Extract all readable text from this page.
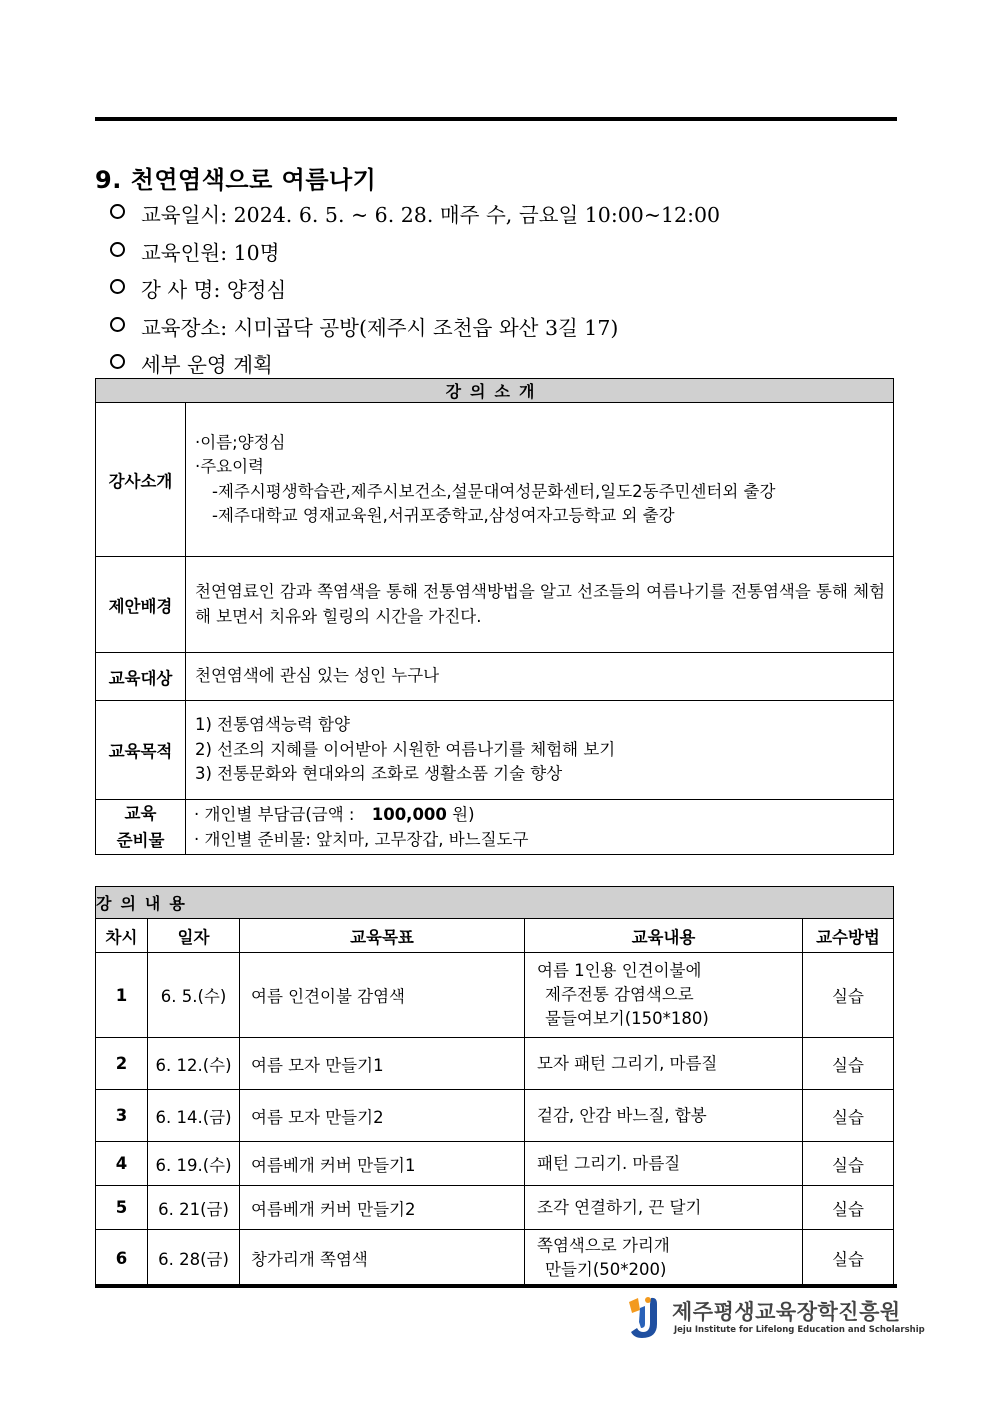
9. 천연염색으로 여름나기
교육일시: 2024. 6. 5. ~ 6. 28. 매주 수, 금요일 10:00~12:00
교육인원: 10명
강 사 명: 양정심
교육장소: 시미곱닥 공방(제주시 조천읍 와산 3길 17)
세부 운영 계획
강의소개	
강사소개	·이름;양정심
·주요이력
-제주시평생학습관,제주시보건소,설문대여성문화센터,일도2동주민센터외 출강
-제주대학교 영재교육원,서귀포중학교,삼성여자고등학교 외 출강

제안배경	천연염료인 감과 쪽염색을 통해 전통염색방법을 알고 선조들의 여름나기를 전통염색을 통해 체험해 보면서 치유와 힐링의 시간을 가진다.
교육대상	천연염색에 관심 있는 성인 누구나
교육목적	1) 전통염색능력 함양
2) 선조의 지혜를 이어받아 시원한 여름나기를 체험해 보기
3) 전통문화와 현대와의 조화로 생활소품 기술 향상

교육
준비물	· 개인별 부담금(금액 : 100,000 원)
· 개인별 준비물: 앞치마, 고무장갑, 바느질도구
강의내용				
차시	일자	교육목표	교육내용	교수방법
1	6. 5.(수)	여름 인견이불 감염색	여름 1인용 인견이불에
제주전통 감염색으로
물들여보기(150*180)	실습
2	6. 12.(수)	여름 모자 만들기1	모자 패턴 그리기, 마름질	실습
3	6. 14.(금)	여름 모자 만들기2	겉감, 안감 바느질, 합봉	실습
4	6. 19.(수)	여름베개 커버 만들기1	패턴 그리기. 마름질	실습
5	6. 21(금)	여름베개 커버 만들기2	조각 연결하기, 끈 달기	실습
6	6. 28(금)	창가리개 쪽염색	쪽염색으로 가리개
만들기(50*200)	실습
제주평생교육장학진흥원
Jeju Institute for Lifelong Education and Scholarship
